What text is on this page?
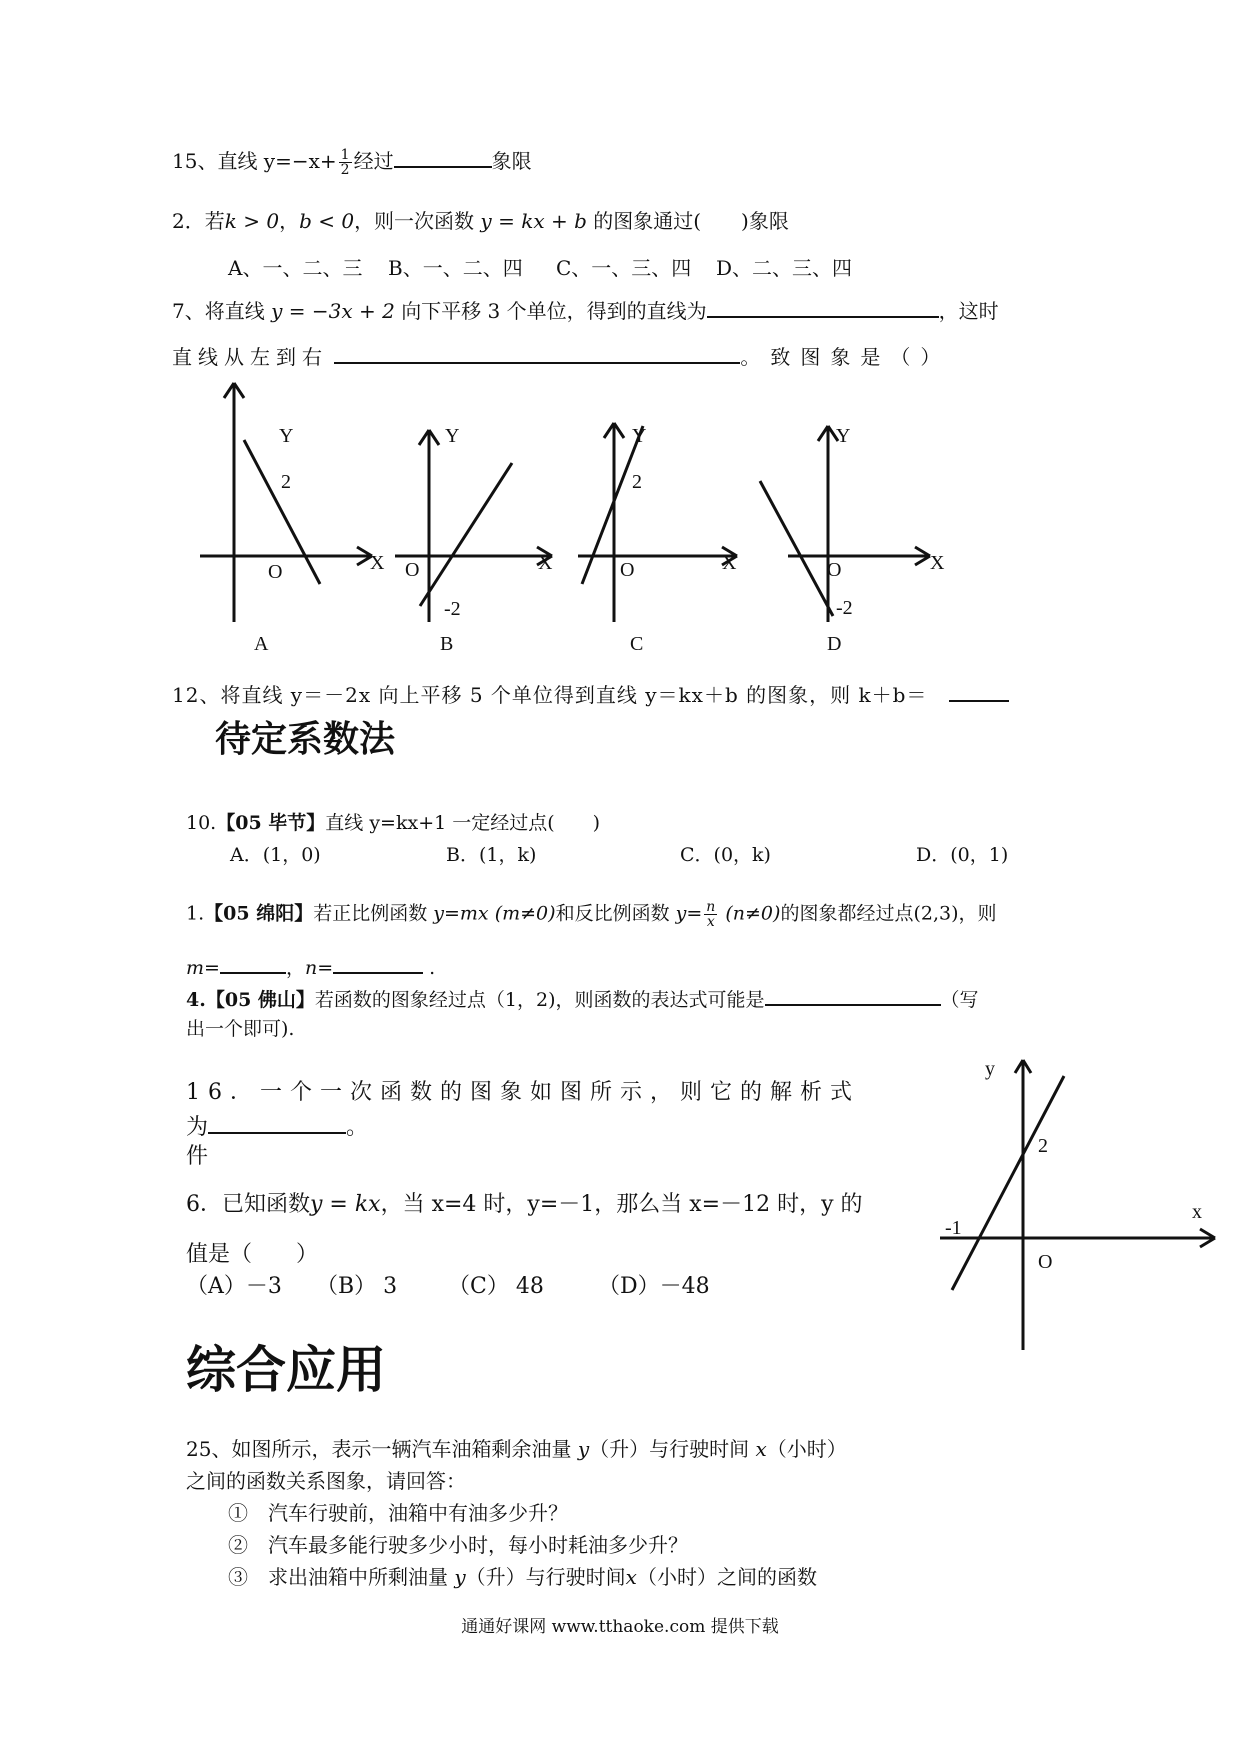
15、直线 $y=-x+ \frac{1}{2}$ 经过	象限
2．若k > 0，b < 0，则一次函数 y = kx + b 的图象通过(　　)象限
A、一、二、三 B、一、二、四 C、一、三、四 D、二、三、四
7、将直线 y = −3x + 2 向下平移 3 个单位，得到的直线为	，这时
直线从左到右	。致图象是（）
Y
2
O	X
A
Y
O	X
-2
B
Y
2
O	X
C
Y
O	X
-2
D
y
2
x
-1
O
12、将直线 y＝－2x 向上平移 5 个单位得到直线 y＝kx＋b 的图象，则 k＋b＝
待定系数法
10.【05 毕节】直线 y=kx+1 一定经过点(　　)
A．(1，0)	B．(1，k)	C．(0，k)	D．(0，1)
1.【05 绵阳】若正比例函数 y=mx (m≠0)和反比例函数 $y= \frac{n}{x} (n\ne 0)$的图象都经过点(2,3)，则
m=	，n=	.
4.【05 佛山】若函数的图象经过点（1，2)，则函数的表达式可能是	（写
出一个即可).
16．一个一次函数的图象如图所示，则它的解析式
为	。
件
6．已知函数y = kx，当 x=4 时，y=－1，那么当 x=－12 时，y 的
值是（　　）
（A）－3 （B） 3 （C） 48 （D）－48
综合应用
25、如图所示，表示一辆汽车油箱剩余油量 y（升）与行驶时间 x（小时）
之间的函数关系图象，请回答：
①　 汽车行驶前，油箱中有油多少升？
②　 汽车最多能行驶多少小时，每小时耗油多少升？
③　 求出油箱中所剩油量 y（升）与行驶时间x（小时）之间的函数
通通好课网 www.tthaoke.com 提供下载
